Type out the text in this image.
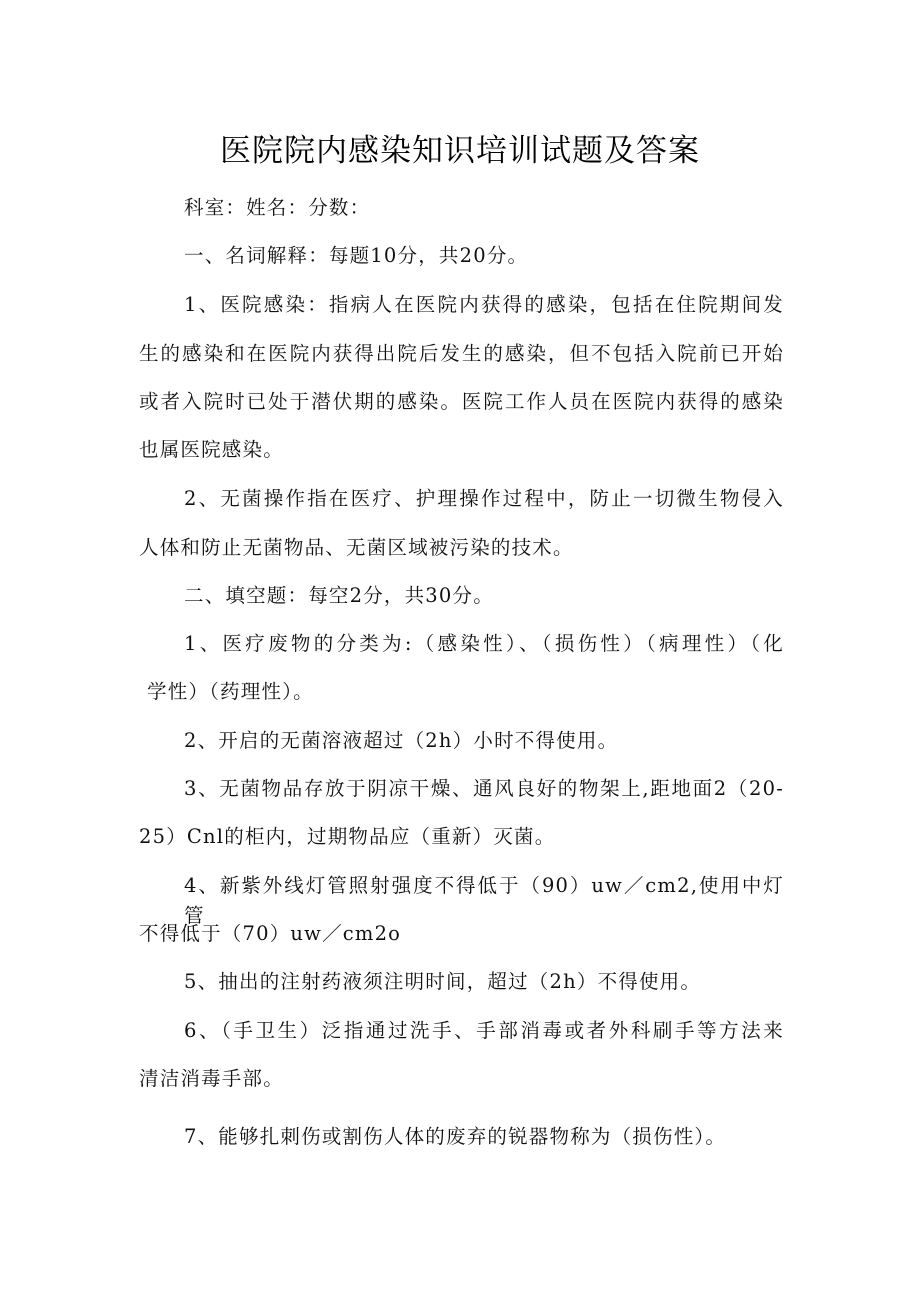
医院院内感染知识培训试题及答案
科室：姓名：分数：
一、名词解释：每题10分，共20分。
1、医院感染：指病人在医院内获得的感染，包括在住院期间发
生的感染和在医院内获得出院后发生的感染，但不包括入院前已开始
或者入院时已处于潜伏期的感染。医院工作人员在医院内获得的感染
也属医院感染。
2、无菌操作指在医疗、护理操作过程中，防止一切微生物侵入
人体和防止无菌物品、无菌区域被污染的技术。
二、填空题：每空2分，共30分。
1、医疗废物的分类为:（感染性）、（损伤性）（病理性）（化
学性）（药理性）。
2、开启的无菌溶液超过（2h）小时不得使用。
3、无菌物品存放于阴凉干燥、通风良好的物架上,距地面2（20-
25）Cnl的柜内，过期物品应（重新）灭菌。
4、新紫外线灯管照射强度不得低于（90）uw／cm2,使用中灯管
不得低于（70）uw／cm2o
5、抽出的注射药液须注明时间，超过（2h）不得使用。
6、（手卫生）泛指通过洗手、手部消毒或者外科刷手等方法来
清洁消毒手部。
7、能够扎刺伤或割伤人体的废弃的锐器物称为（损伤性）。
